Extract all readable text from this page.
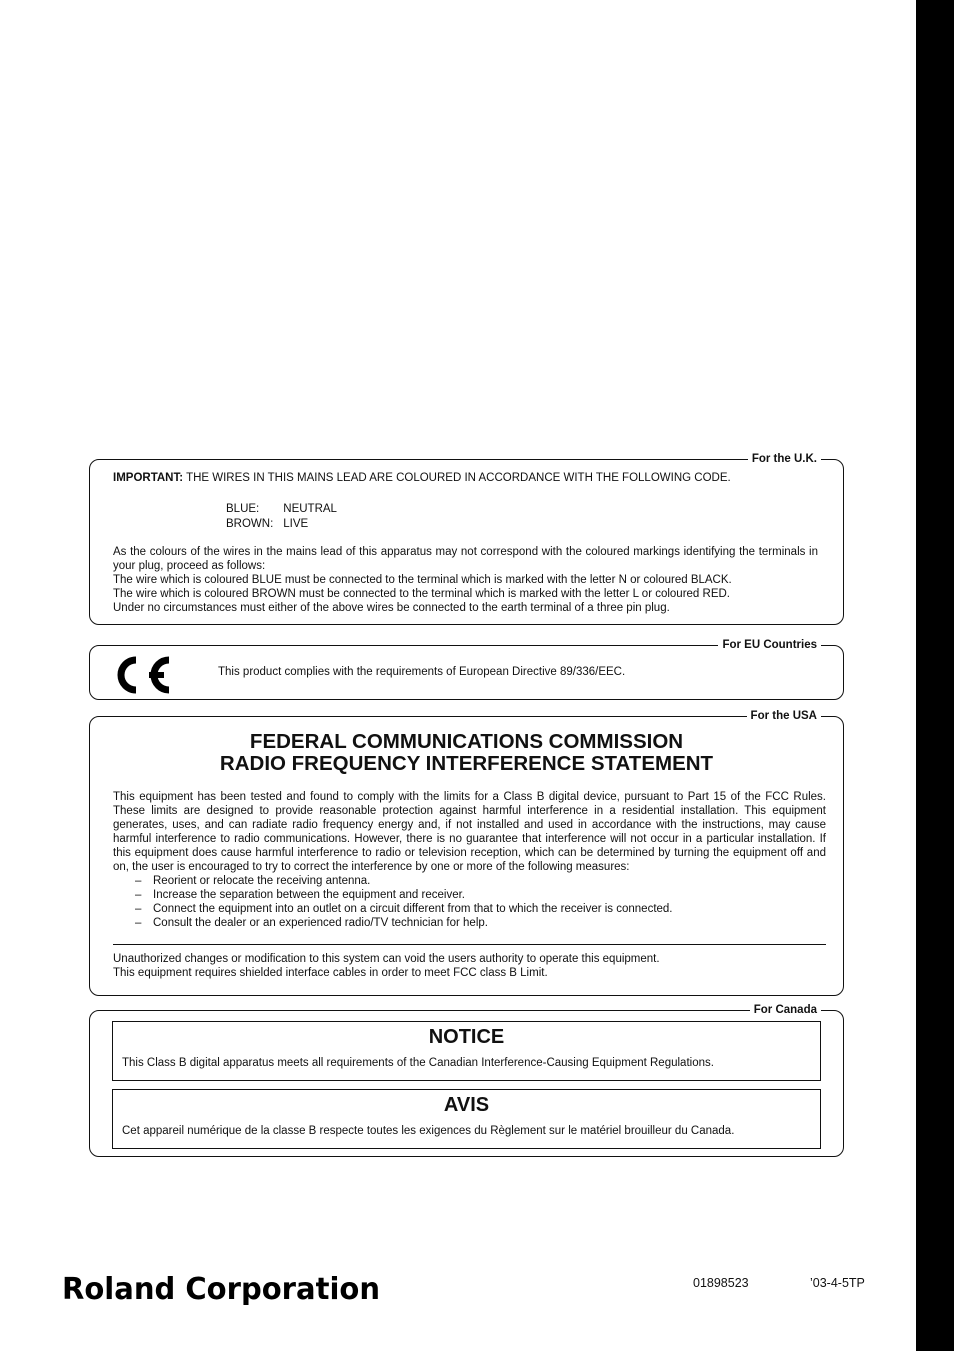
For the U.K.

IMPORTANT: THE WIRES IN THIS MAINS LEAD ARE COLOURED IN ACCORDANCE WITH THE FOLLOWING CODE.

BLUE:	NEUTRAL
BROWN:	LIVE

As the colours of the wires in the mains lead of this apparatus may not correspond with the coloured markings identifying the terminals in your plug, proceed as follows:

The wire which is coloured BLUE must be connected to the terminal which is marked with the letter N or coloured BLACK.

The wire which is coloured BROWN must be connected to the terminal which is marked with the letter L or coloured RED.

Under no circumstances must either of the above wires be connected to the earth terminal of a three pin plug.

For EU Countries

This product complies with the requirements of European Directive 89/336/EEC.

For the USA
FEDERAL COMMUNICATIONS COMMISSION
RADIO FREQUENCY INTERFERENCE STATEMENT

This equipment has been tested and found to comply with the limits for a Class B digital device, pursuant to Part 15 of the FCC Rules. These limits are designed to provide reasonable protection against harmful interference in a residential installation. This equipment generates, uses, and can radiate radio frequency energy and, if not installed and used in accordance with the instructions, may cause harmful interference to radio communications. However, there is no guarantee that interference will not occur in a particular installation. If this equipment does cause harmful interference to radio or television reception, which can be determined by turning the equipment off and on, the user is encouraged to try to correct the interference by one or more of the following measures:

– Reorient or relocate the receiving antenna.
– Increase the separation between the equipment and receiver.
– Connect the equipment into an outlet on a circuit different from that to which the receiver is connected.
– Consult the dealer or an experienced radio/TV technician for help.

Unauthorized changes or modification to this system can void the users authority to operate this equipment.

This equipment requires shielded interface cables in order to meet FCC class B Limit.

For Canada
NOTICE

This Class B digital apparatus meets all requirements of the Canadian Interference-Causing Equipment Regulations.

AVIS

Cet appareil numérique de la classe B respecte toutes les exigences du Règlement sur le matériel brouilleur du Canada.

Roland Corporation	01898523	’03-4-5TP
